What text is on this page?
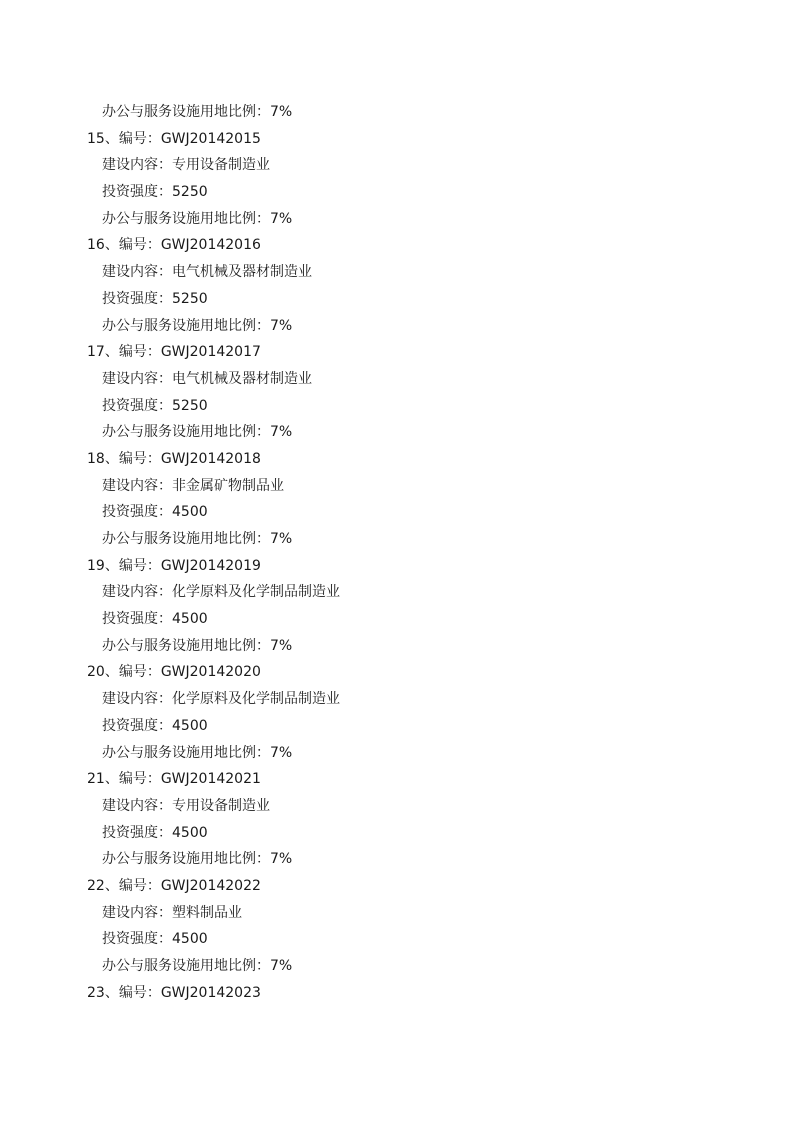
办公与服务设施用地比例：7%
15、编号：GWJ20142015
建设内容：专用设备制造业
投资强度：5250
办公与服务设施用地比例：7%
16、编号：GWJ20142016
建设内容：电气机械及器材制造业
投资强度：5250
办公与服务设施用地比例：7%
17、编号：GWJ20142017
建设内容：电气机械及器材制造业
投资强度：5250
办公与服务设施用地比例：7%
18、编号：GWJ20142018
建设内容：非金属矿物制品业
投资强度：4500
办公与服务设施用地比例：7%
19、编号：GWJ20142019
建设内容：化学原料及化学制品制造业
投资强度：4500
办公与服务设施用地比例：7%
20、编号：GWJ20142020
建设内容：化学原料及化学制品制造业
投资强度：4500
办公与服务设施用地比例：7%
21、编号：GWJ20142021
建设内容：专用设备制造业
投资强度：4500
办公与服务设施用地比例：7%
22、编号：GWJ20142022
建设内容：塑料制品业
投资强度：4500
办公与服务设施用地比例：7%
23、编号：GWJ20142023
